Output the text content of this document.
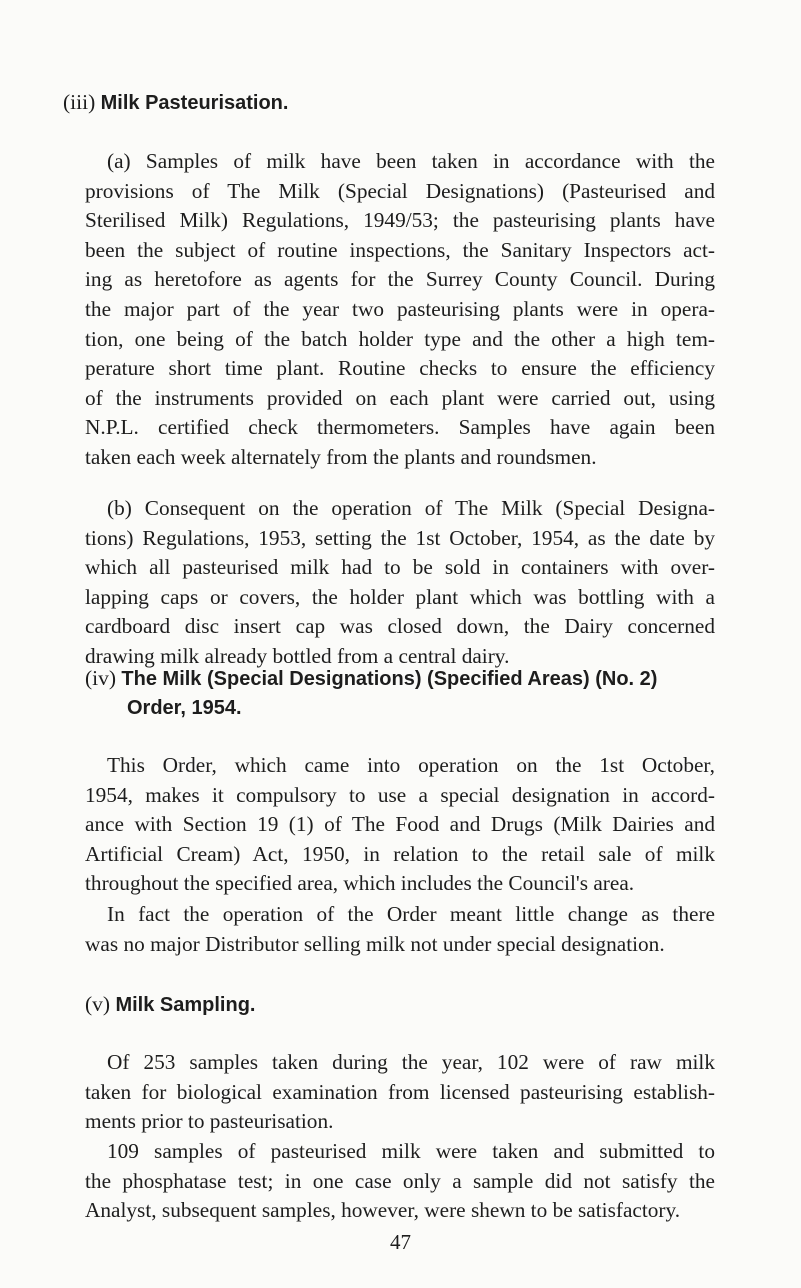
(iii) Milk Pasteurisation.
(a) Samples of milk have been taken in accordance with the
provisions of The Milk (Special Designations) (Pasteurised and
Sterilised Milk) Regulations, 1949/53; the pasteurising plants have
been the subject of routine inspections, the Sanitary Inspectors act-
ing as heretofore as agents for the Surrey County Council. During
the major part of the year two pasteurising plants were in opera-
tion, one being of the batch holder type and the other a high tem-
perature short time plant. Routine checks to ensure the efficiency
of the instruments provided on each plant were carried out, using
N.P.L. certified check thermometers. Samples have again been
taken each week alternately from the plants and roundsmen.
(b) Consequent on the operation of The Milk (Special Designa-
tions) Regulations, 1953, setting the 1st October, 1954, as the date by
which all pasteurised milk had to be sold in containers with over-
lapping caps or covers, the holder plant which was bottling with a
cardboard disc insert cap was closed down, the Dairy concerned
drawing milk already bottled from a central dairy.
(iv) The Milk (Special Designations) (Specified Areas) (No. 2)
Order, 1954.
This Order, which came into operation on the 1st October,
1954, makes it compulsory to use a special designation in accord-
ance with Section 19 (1) of The Food and Drugs (Milk Dairies and
Artificial Cream) Act, 1950, in relation to the retail sale of milk
throughout the specified area, which includes the Council's area.
In fact the operation of the Order meant little change as there
was no major Distributor selling milk not under special designation.
(v) Milk Sampling.
Of 253 samples taken during the year, 102 were of raw milk
taken for biological examination from licensed pasteurising establish-
ments prior to pasteurisation.
109 samples of pasteurised milk were taken and submitted to
the phosphatase test; in one case only a sample did not satisfy the
Analyst, subsequent samples, however, were shewn to be satisfactory.
47
